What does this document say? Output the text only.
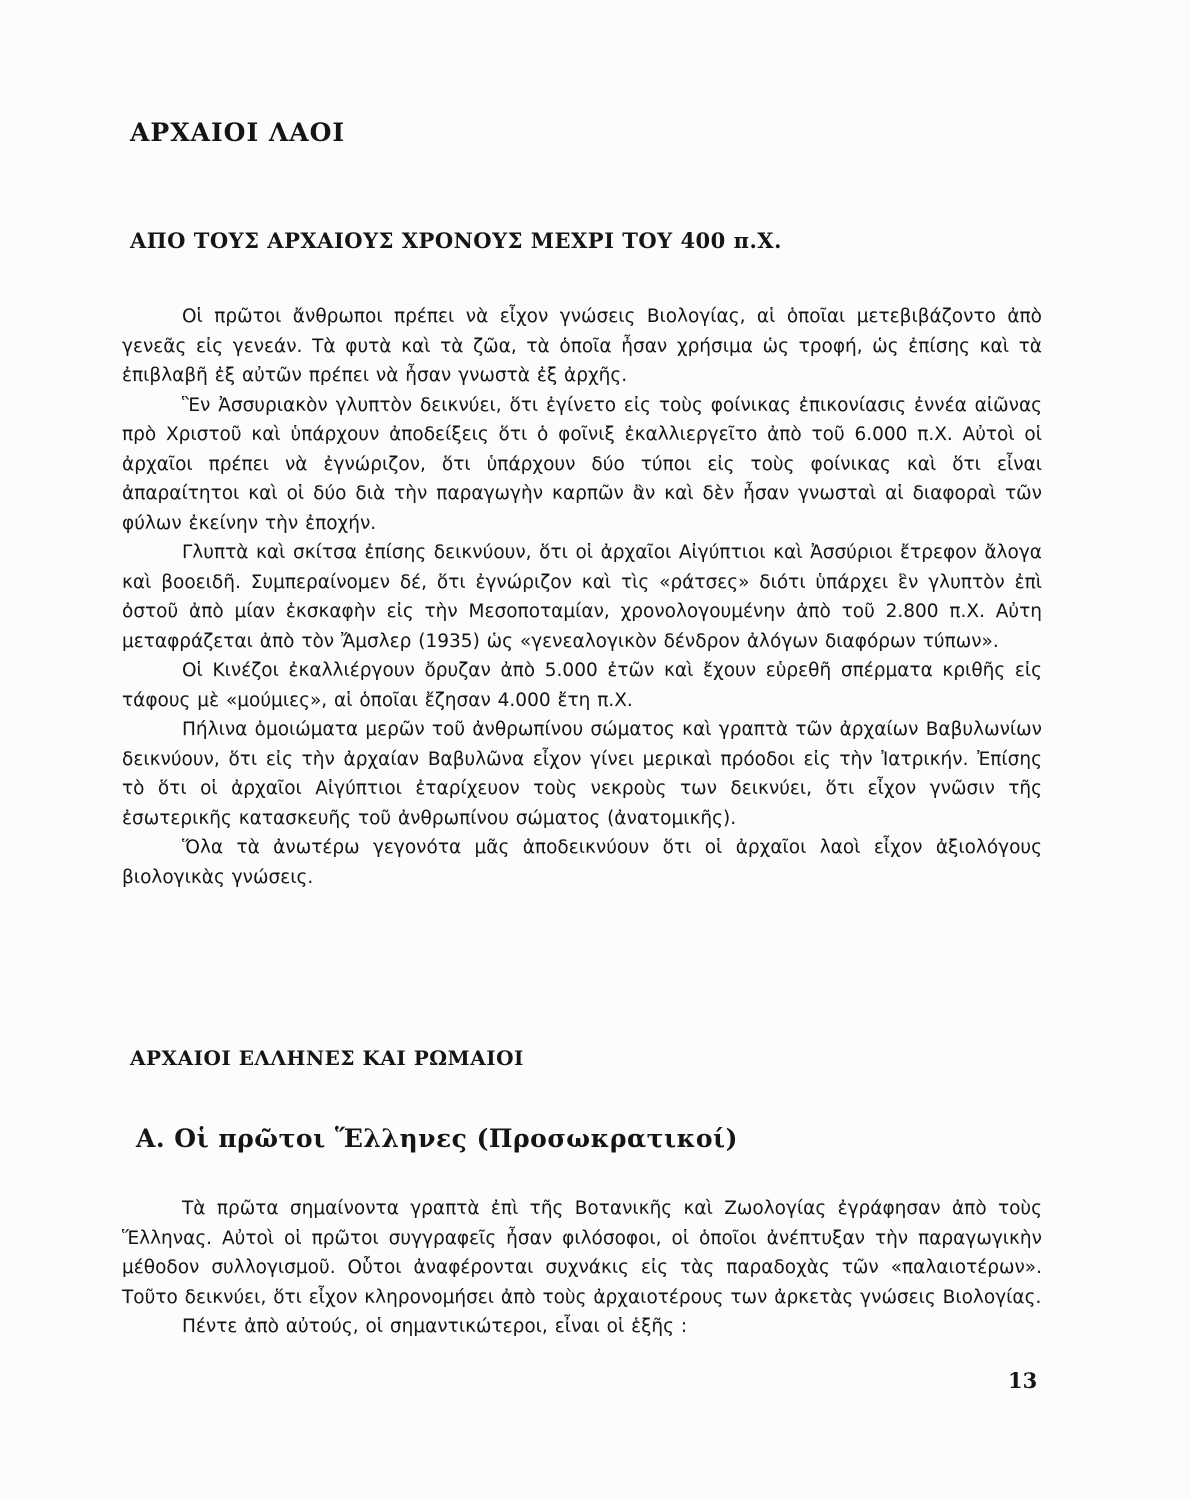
ΑΡΧΑΙΟΙ ΛΑΟΙ
ΑΠΟ ΤΟΥΣ ΑΡΧΑΙΟΥΣ ΧΡΟΝΟΥΣ ΜΕΧΡΙ ΤΟΥ 400 π.Χ.

Οἱ πρῶτοι ἄνθρωποι πρέπει νὰ εἶχον γνώσεις Βιολογίας, αἱ ὁποῖαι μετεβιβάζοντο ἀπὸ γενεᾶς εἰς γενεάν. Τὰ φυτὰ καὶ τὰ ζῶα, τὰ ὁποῖα ἦσαν χρήσιμα ὡς τροφή, ὡς ἐπίσης καὶ τὰ ἐπιβλαβῆ ἐξ αὐτῶν πρέπει νὰ ἦσαν γνωστὰ ἐξ ἀρχῆς.

Ἓν Ἀσσυριακὸν γλυπτὸν δεικνύει, ὅτι ἐγίνετο εἰς τοὺς φοίνικας ἐπικονίασις ἐννέα αἰῶνας πρὸ Χριστοῦ καὶ ὑπάρχουν ἀποδείξεις ὅτι ὁ φοῖνιξ ἐκαλλιεργεῖτο ἀπὸ τοῦ 6.000 π.Χ. Αὐτοὶ οἱ ἀρχαῖοι πρέπει νὰ ἐγνώριζον, ὅτι ὑπάρχουν δύο τύποι εἰς τοὺς φοίνικας καὶ ὅτι εἶναι ἀπαραίτητοι καὶ οἱ δύο διὰ τὴν παραγωγὴν καρπῶν ἂν καὶ δὲν ἦσαν γνωσταὶ αἱ διαφοραὶ τῶν φύλων ἐκείνην τὴν ἐποχήν.

Γλυπτὰ καὶ σκίτσα ἐπίσης δεικνύουν, ὅτι οἱ ἀρχαῖοι Αἰγύπτιοι καὶ Ἀσσύριοι ἔτρεφον ἄλογα καὶ βοοειδῆ. Συμπεραίνομεν δέ, ὅτι ἐγνώριζον καὶ τὶς «ράτσες» διότι ὑπάρχει ἓν γλυπτὸν ἐπὶ ὀστοῦ ἀπὸ μίαν ἐκσκαφὴν εἰς τὴν Μεσοποταμίαν, χρονολογουμένην ἀπὸ τοῦ 2.800 π.Χ. Αὐτη μεταφράζεται ἀπὸ τὸν Ἄμσλερ (1935) ὡς «γενεαλογικὸν δένδρον ἀλόγων διαφόρων τύπων».

Οἱ Κινέζοι ἐκαλλιέργουν ὄρυζαν ἀπὸ 5.000 ἐτῶν καὶ ἔχουν εὑρεθῆ σπέρματα κριθῆς εἰς τάφους μὲ «μούμιες», αἱ ὁποῖαι ἔζησαν 4.000 ἔτη π.Χ.

Πήλινα ὁμοιώματα μερῶν τοῦ ἀνθρωπίνου σώματος καὶ γραπτὰ τῶν ἀρχαίων Βαβυλωνίων δεικνύουν, ὅτι εἰς τὴν ἀρχαίαν Βαβυλῶνα εἶχον γίνει μερικαὶ πρόοδοι εἰς τὴν Ἰατρικήν. Ἐπίσης τὸ ὅτι οἱ ἀρχαῖοι Αἰγύπτιοι ἐταρίχευον τοὺς νεκροὺς των δεικνύει, ὅτι εἶχον γνῶσιν τῆς ἐσωτερικῆς κατασκευῆς τοῦ ἀνθρωπίνου σώματος (ἀνατομικῆς).

Ὅλα τὰ ἀνωτέρω γεγονότα μᾶς ἀποδεικνύουν ὅτι οἱ ἀρχαῖοι λαοὶ εἶχον ἀξιολόγους βιολογικὰς γνώσεις.

ΑΡΧΑΙΟΙ ΕΛΛΗΝΕΣ ΚΑΙ ΡΩΜΑΙΟΙ
Α. Οἱ πρῶτοι Ἕλληνες (Προσωκρατικοί)

Τὰ πρῶτα σημαίνοντα γραπτὰ ἐπὶ τῆς Βοτανικῆς καὶ Ζωολογίας ἐγράφησαν ἀπὸ τοὺς Ἕλληνας. Αὐτοὶ οἱ πρῶτοι συγγραφεῖς ἦσαν φιλόσοφοι, οἱ ὁποῖοι ἀνέπτυξαν τὴν παραγωγικὴν μέθοδον συλλογισμοῦ. Οὗτοι ἀναφέρονται συχνάκις εἰς τὰς παραδοχὰς τῶν «παλαιοτέρων». Τοῦτο δεικνύει, ὅτι εἶχον κληρονομήσει ἀπὸ τοὺς ἀρχαιοτέρους των ἀρκετὰς γνώσεις Βιολογίας.

Πέντε ἀπὸ αὐτούς, οἱ σημαντικώτεροι, εἶναι οἱ ἑξῆς :

13
